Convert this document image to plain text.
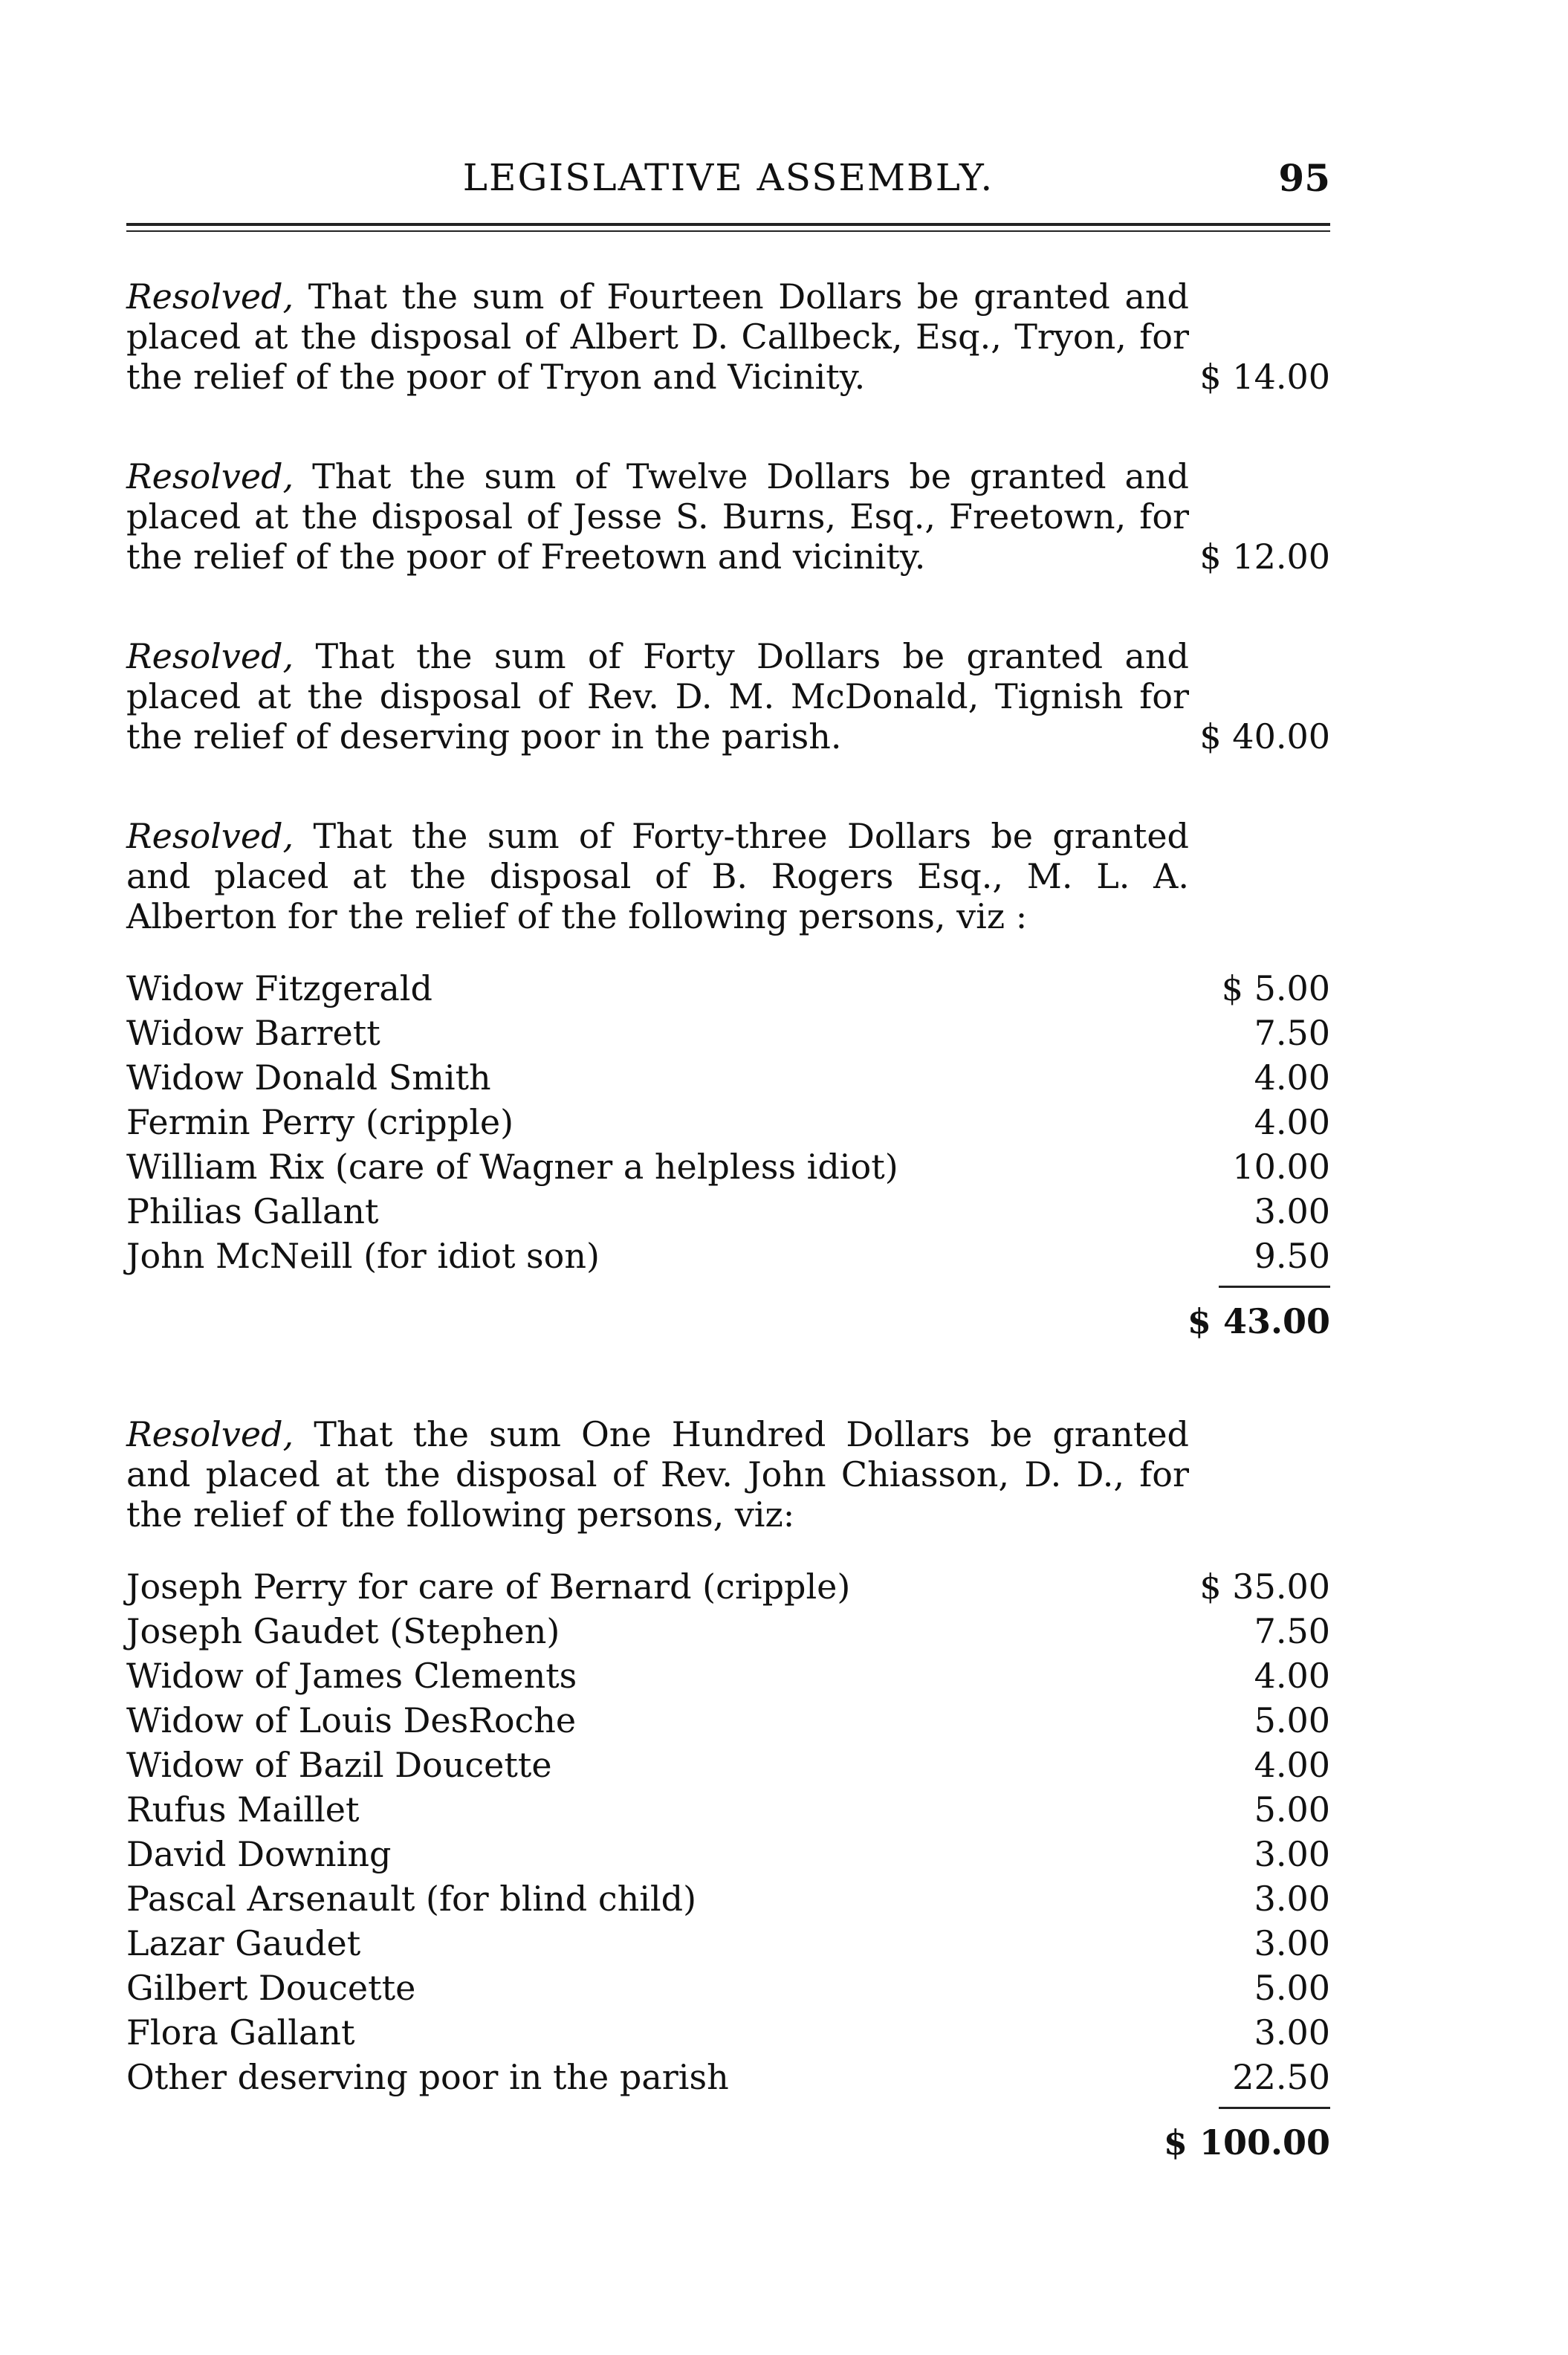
LEGISLATIVE ASSEMBLY.	95
Resolved, That the sum of Fourteen Dollars be granted and placed at the disposal of Albert D. Callbeck, Esq., Tryon, for the relief of the poor of Tryon and Vicinity.	$ 14.00
Resolved, That the sum of Twelve Dollars be granted and placed at the disposal of Jesse S. Burns, Esq., Freetown, for the relief of the poor of Freetown and vicinity.	$ 12.00
Resolved, That the sum of Forty Dollars be granted and placed at the disposal of Rev. D. M. McDonald, Tignish for the relief of deserving poor in the parish.	$ 40.00
Resolved, That the sum of Forty-three Dollars be granted and placed at the disposal of B. Rogers Esq., M. L. A. Alberton for the relief of the following persons, viz :
Widow Fitzgerald	$ 5.00
Widow Barrett	7.50
Widow Donald Smith	4.00
Fermin Perry (cripple)	4.00
William Rix (care of Wagner a helpless idiot)	10.00
Philias Gallant	3.00
John McNeill (for idiot son)	9.50
$ 43.00
Resolved, That the sum One Hundred Dollars be granted and placed at the disposal of Rev. John Chiasson, D. D., for the relief of the following persons, viz:
Joseph Perry for care of Bernard (cripple)	$ 35.00
Joseph Gaudet (Stephen)	7.50
Widow of James Clements	4.00
Widow of Louis DesRoche	5.00
Widow of Bazil Doucette	4.00
Rufus Maillet	5.00
David Downing	3.00
Pascal Arsenault (for blind child)	3.00
Lazar Gaudet	3.00
Gilbert Doucette	5.00
Flora Gallant	3.00
Other deserving poor in the parish	22.50
$ 100.00
